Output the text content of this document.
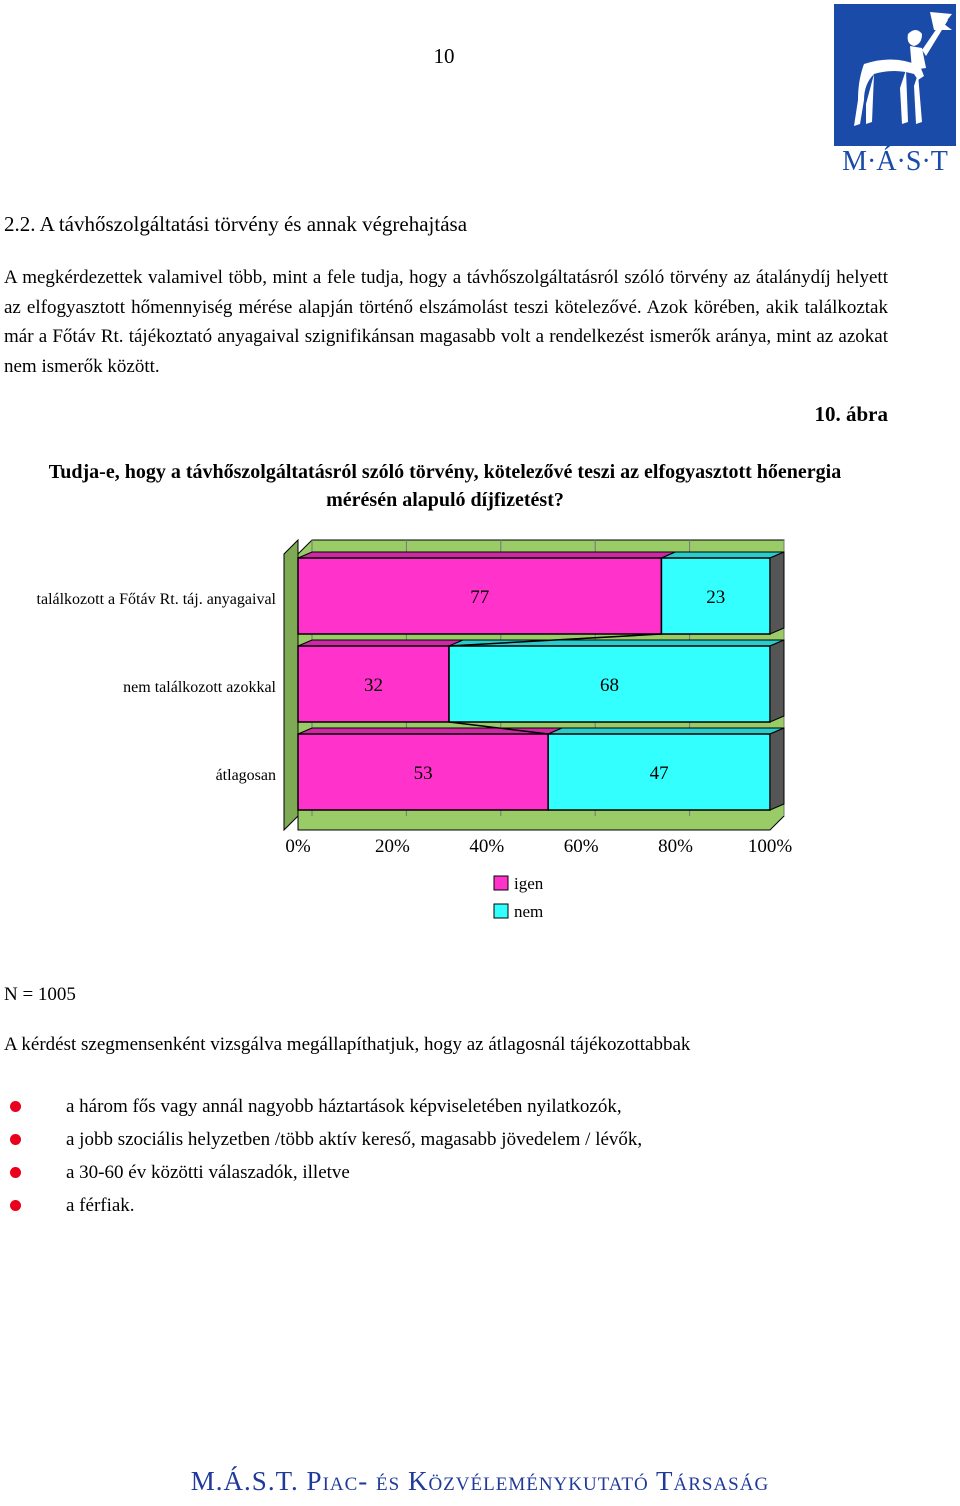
10
M·Á·S·T
2.2. A távhőszolgáltatási törvény és annak végrehajtása
A megkérdezettek valamivel több, mint a fele tudja, hogy a távhőszolgáltatásról szóló törvény az átalánydíj helyett az elfogyasztott hőmennyiség mérése alapján történő elszámolást teszi kötelezővé. Azok körében, akik találkoztak már a Főtáv Rt. tájékoztató anyagaival szignifikánsan magasabb volt a rendelkezést ismerők aránya, mint az azokat nem ismerők között.
10. ábra
Tudja-e, hogy a távhőszolgáltatásról szóló törvény, kötelezővé teszi az elfogyasztott hőenergia mérésén alapuló díjfizetést?
77	23
találkozott a Főtáv Rt. táj. anyagaival
32	68
nem találkozott azokkal
53	47
átlagosan
0%	20%	40%	60%	80%	100%
igen
nem
N = 1005
A kérdést szegmensenként vizsgálva megállapíthatjuk, hogy az átlagosnál tájékozottabbak
a három fős vagy annál nagyobb háztartások képviseletében nyilatkozók,
a jobb szociális helyzetben /több aktív kereső, magasabb jövedelem / lévők,
a 30-60 év közötti válaszadók, illetve
a férfiak.
M.Á.S.T. Piac- és Közvéleménykutató Társaság
